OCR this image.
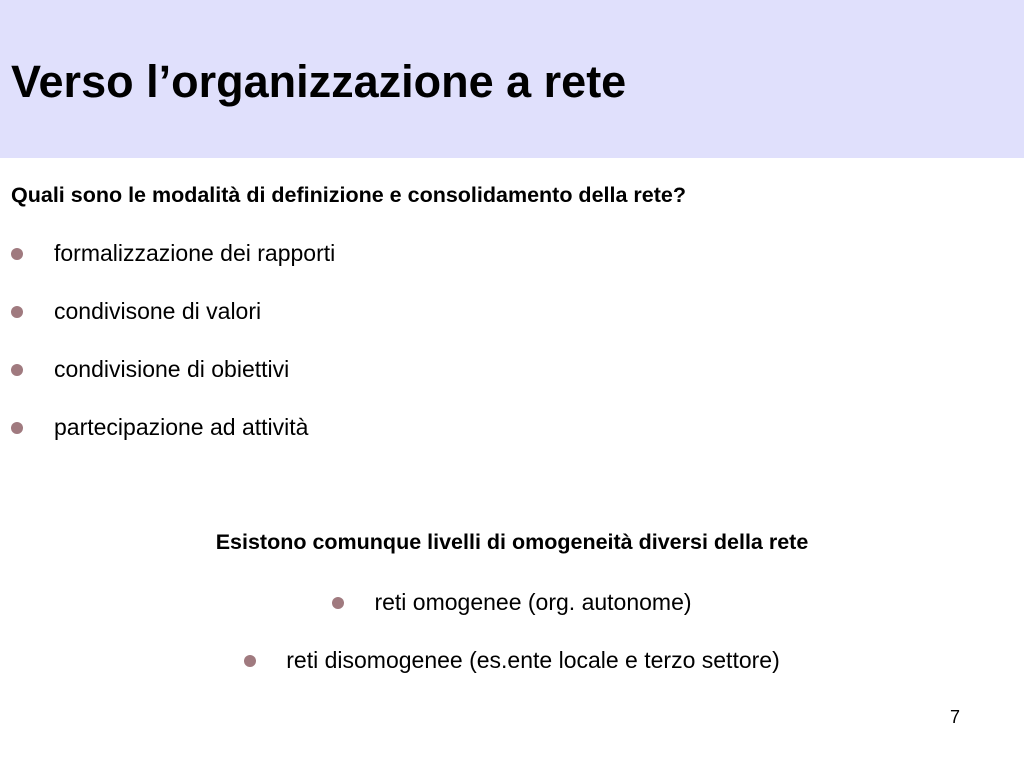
Verso l’organizzazione a rete

Quali sono le modalità di definizione e consolidamento della rete?

formalizzazione dei rapporti
condivisone di valori
condivisione di obiettivi
partecipazione ad attività

Esistono comunque livelli di omogeneità diversi della rete

reti omogenee (org. autonome)
reti disomogenee (es.ente locale e terzo settore)
7
